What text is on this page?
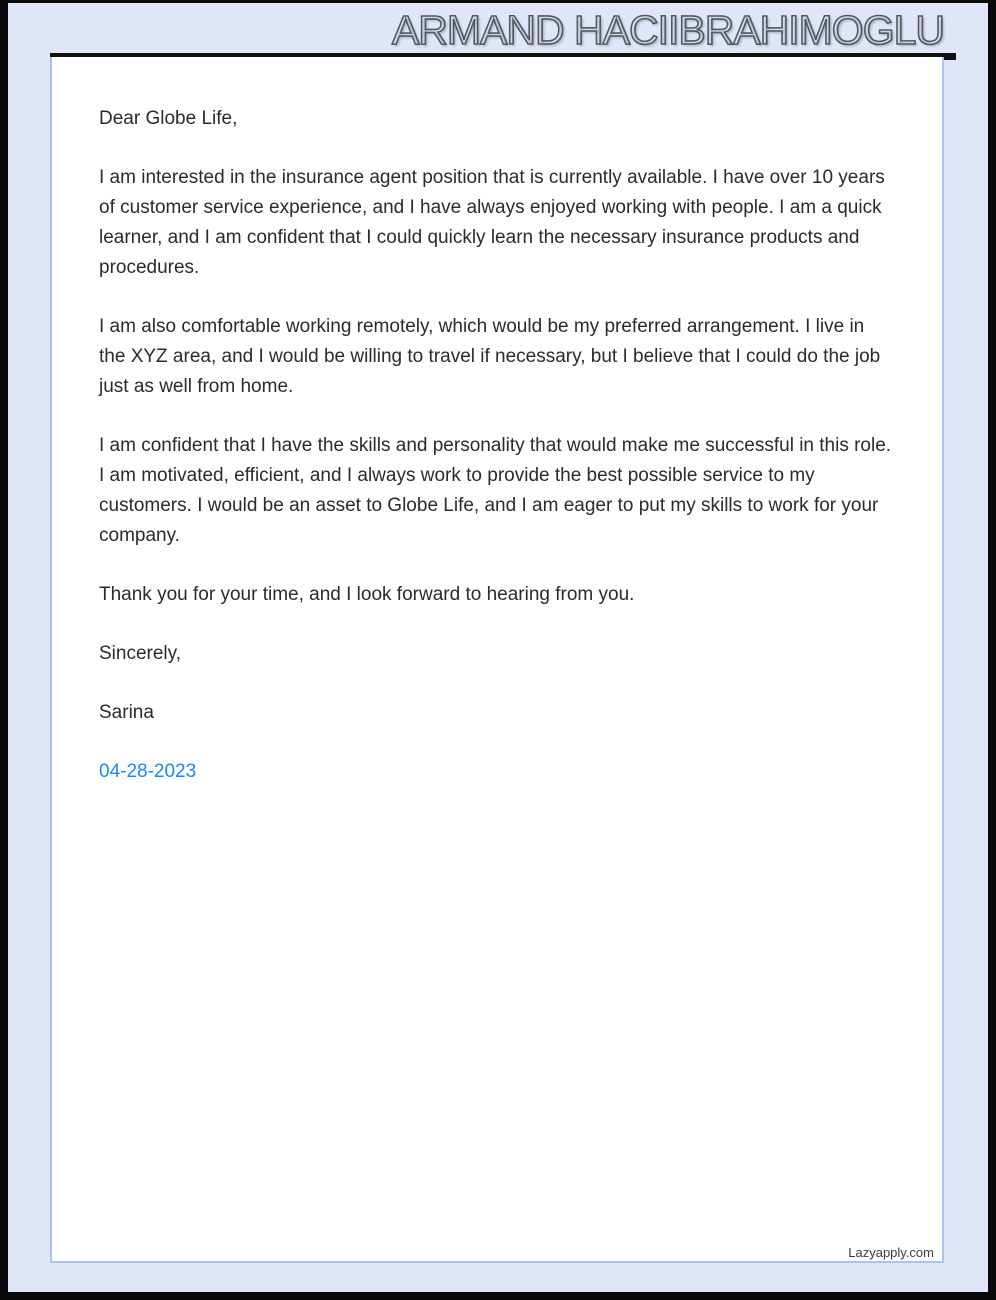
ARMAND HACIIBRAHIMOGLU

Dear Globe Life,

I am interested in the insurance agent position that is currently available. I have over 10 years of customer service experience, and I have always enjoyed working with people. I am a quick learner, and I am confident that I could quickly learn the necessary insurance products and procedures.

I am also comfortable working remotely, which would be my preferred arrangement. I live in the XYZ area, and I would be willing to travel if necessary, but I believe that I could do the job just as well from home.

I am confident that I have the skills and personality that would make me successful in this role. I am motivated, efficient, and I always work to provide the best possible service to my customers. I would be an asset to Globe Life, and I am eager to put my skills to work for your company.

Thank you for your time, and I look forward to hearing from you.

Sincerely,

Sarina

04-28-2023
Lazyapply.com
